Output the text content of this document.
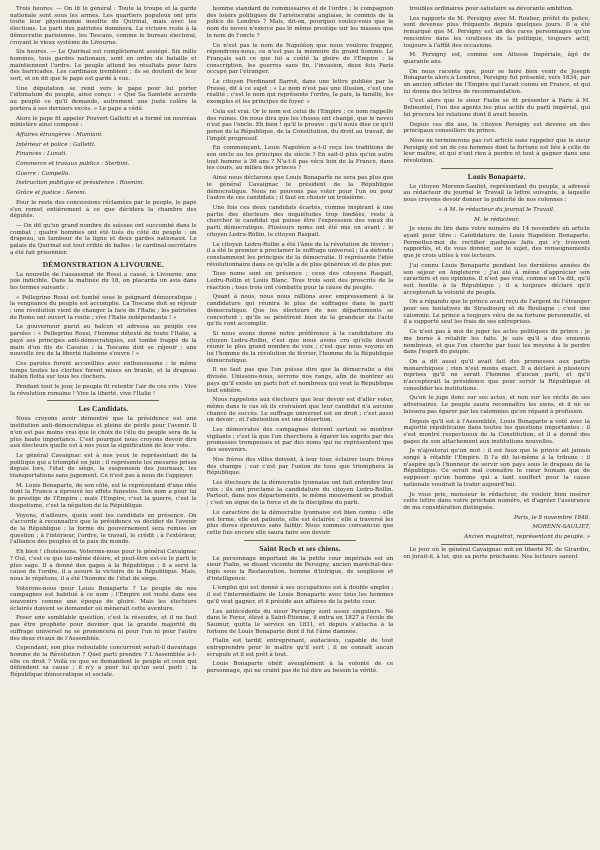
Trois heures. — On lit le général : Toute la troupe et la garde nationale sont sous les armes. Les quartiers populeux ont pris toute leur physionomie insolite du Quirinal, mais avec les élections. Le parti des patriotes dominera. La victoire reste à la démocratie parisienne, les Toscans, comme le bureau électoral, croyant le vieux système de Livourne.

Six heures. — Le Quirinal est complètement assiégé. Six mille hommes, tous gardes nationaux, sont en ordre de bataille et maintiennent l'ordre. Le peuple attend les résultats pour faire des barricades. Les cardinaux tremblent ; ils se doutent de leur sort, et on dit que le pape est gardé à vue.

Une députation se rend vers le pape pour lui porter l'ultimatum du peuple, ainsi conçu : « Que Sa Sainteté accorde au peuple ce qu'il demande, autrement une juste colère le portera à ses derniers excès. » Le pape a cédé.

Alors le pape fit appeler Pouvert Galletti et a formé un nouveau ministère ainsi composé :

Affaires étrangères : Mamiani.

Intérieur et police : Galletti.

Finances : Lunati.

Commerce et travaux publics : Sterbini.

Guerre : Campello.

Instruction publique et présidence : Rosmini.

Grâce et justice : Sereni.

Pour le reste des concessions réclamées par le peuple, le pape s'en remet entièrement à ce que décidera la chambre des députés.

— On dit qu'un grand nombre de suisses ont succombé dans le combat ; quatre hommes ont été tués du côté du peuple : un drapeau, un tambour de la ligne et deux gardes nationaux. Le palais du Quirinal est tout criblé de balles ; le cardinal-secrétaire a été fait prisonnier.

DÉMONSTRATION A LIVOURNE.

La nouvelle de l'assassinat de Rossi a causé, à Livourne, une joie indicible. Dans la matinée du 18, on placarda un avis dans les termes suivants :

« Pellegrino Rossi est tombé sous le poignard démocratique ; la vengeance du peuple est accomplie. La Toscane doit se réjouir ; une révolution vient de changer la face de l'Italie ; les patriotes de Rome ont ouvert la route ; vive l'Italie indépendante ! »

Le gouverneur parut au balcon et adressa au peuple ces paroles : « Pellegrino Rossi, l'homme détesté de toute l'Italie, a payé ses principes anti-démocratiques, est tombé frappé de la main d'un fils de Cassius ; la Toscane doit se réjouir ; une nouvelle ère de la liberté italienne s'ouvre ! »

Ces paroles furent accueillies avec enthousiasme ; le même temps toutes les cloches furent mises en branle, et la drapeau italien flotta sur tous les clochers.

Pendant tout le jour, le peuple fit retentir l'air de ces cris : Vive la révolution romaine ! Vive la liberté, vive l'Italie !

Les Candidats.

Nous croyons avoir démontré que la présidence est une institution anti-démocratique et pleine de périls pour l'avenir. Il n'en est pas moins vrai que le choix de l'élu du peuple sera de la plus haute importance. C'est pourquoi nous croyons devoir dire aux électeurs quelle est à nos yeux la signification de leur vote.

Le général Cavaignac est à nos yeux le représentant de la politique qui a triomphé en juin ; il représente les mesures prises depuis lors, l'état de siège, la suspension des journaux, les transportations sans jugement. Ce n'est pas à nous de l'appuyer.

M. Louis Bonaparte, de son côté, est le représentant d'une idée dont la France a éprouvé les effets funestes. Son nom a pour lui le prestige de l'Empire ; mais l'Empire, c'est la guerre, c'est le despotisme, c'est la négation de la République.

Voyons, d'ailleurs, quels sont les candidats en présence. On s'accorde à reconnaître que la présidence va décider de l'avenir de la République ; la forme du gouvernement sera remise en question ; à l'intérieur, l'ordre, le travail, le crédit ; à l'extérieur, l'alliance des peuples et la paix du monde.

Eh bien ! choisissons. Voterons-nous pour le général Cavaignac ? Oui, c'est ce que lui-même désire, et peut-être est-ce le parti le plus sage. Il a donné des gages à la République ; il a servi la cause de l'ordre, il a assuré la victoire de la République. Mais, nous le répétons, il a été l'homme de l'état de siège.

Voterons-nous pour Louis Bonaparte ? Le peuple de nos campagnes est habitué à ce nom ; l'Empire est resté dans ses souvenirs comme une époque de gloire. Mais les électeurs éclairés doivent se demander où mènerait cette aventure.

Poser une semblable question, c'est la résoudre, et il ne faut pas être prophète pour deviner que la grande majorité du suffrage universel ne se prononcera ni pour l'un ni pour l'autre des deux rivaux de l'Assemblée.

Cependant, son plus redoutable concurrent serait-il davantage homme de la Révolution ? Quel parti prendre ? L'Assemblée a-t-elle ce droit ? Voilà ce que se demandent le peuple et ceux qui défendent sa cause ; il n'y a pour lui qu'un seul parti : la République démocratique et sociale.

homme standard de commissaires et de l'ordre ; le compagnon des loisirs politiques de l'aristocratie anglaise, le commis de la police de Londres ? Mais, dit-on, pourquoi voulez-vous que le nom du neveu n'exerce pas le même prestige sur les masses que le nom de l'oncle ?

Ce n'est pas le nom de Napoléon que nous voulons frapper, répondrons-nous, ce n'est pas la mémoire du grand homme. Le Français sait ce que lui a coûté la gloire de l'Empire : la conscription, les guerres sans fin, l'invasion, deux fois Paris occupé par l'étranger.

Le citoyen Ferdinand Barrot, dans une lettre publiée par la Presse, dit à ce sujet : « Le nom n'est pas une illusion, c'est une réalité ; c'est le nom qui représente l'ordre, la paix, la famille, les exemples et les principes de foyer. »

Cela est vrai. Or le nom est celui de l'Empire ; ce nom rappelle des ruines. On nous dira que les choses ont changé, que le neveu n'est pas l'oncle. Eh bien ! qu'il le prouve : qu'il nous dise ce qu'il pense de la République, de la Constitution, du droit au travail, de l'impôt progressif.

En commençant, Louis Napoléon a-t-il reçu les traditions de son oncle ou les principes du siècle ? En sait-il plus qu'un autre tout homme à 36 ans ? N'a-t-il pas vécu loin de la France, dans les cours, au milieu des princes ?

Ainsi nous déclarons que Louis Bonaparte ne sera pas plus que le général Cavaignac le président de la République démocratique. Nous ne pouvons pas voter pour l'un ou pour l'autre de ces candidats ; il faut en choisir un troisième.

Une fois ces deux candidats écartés, comme inspirant à une partie des électeurs des inquiétudes trop fondées, reste à chercher le candidat qui puisse être l'expression des vœux du parti démocratique. Plusieurs noms ont été mis en avant ; le citoyen Ledru-Rollin, le citoyen Raspail.

Le citoyen Ledru-Rollin a été l'âme de la révolution de février ; il a été le premier à proclamer le suffrage universel ; il a défendu constamment les principes de la démocratie. Il représente l'idée révolutionnaire dans ce qu'elle a de plus généreux et de plus pur.

Tous noms sont en présence ; ceux des citoyens Raspail, Ledru-Rollin et Louis Blanc. Tous trois sont des proscrits de la réaction ; tous trois ont combattu pour la cause du peuple.

Quant à nous, nous nous rallions avec empressement à la candidature qui réunira le plus de suffrages dans le parti démocratique. Que les électeurs de nos départements se concertent ; qu'ils se pénètrent bien de la grandeur de l'acte qu'ils vont accomplir.

Si nous avons donné notre préférence à la candidature du citoyen Ledru-Rollin, c'est que nous avons cru qu'elle devait réunir le plus grand nombre de voix ; c'est que nous voyons en lui l'homme de la révolution de février, l'homme de la République démocratique.

Il ne faut pas que l'on puisse dire que la démocratie a été divisée. Unissons-nous, serrons nos rangs, afin de montrer au pays qu'il existe un parti fort et nombreux qui veut la République tout entière.

Nous rappelons aux électeurs que leur devoir est d'aller voter, même dans le cas où ils croiraient que leur candidat n'a aucune chance de succès. Le suffrage universel est un droit ; c'est aussi un devoir ; et l'abstention est une désertion.

Les démocrates des campagnes doivent surtout se montrer vigilants ; c'est là que l'on cherchera à égarer les esprits par des promesses trompeuses et par des noms qui ne représentent que des souvenirs.

Nos frères des villes doivent, à leur tour, éclairer leurs frères des champs ; car c'est par l'union de tous que triomphera la République.

Les électeurs de la démocratie lyonnaise ont fait entendre leur voix ; ils ont proclamé la candidature du citoyen Ledru-Rollin. Partout, dans nos départements, le même mouvement se produit ; c'est un signe de la force et de la discipline du parti.

Le caractère de la démocratie lyonnaise est bien connu : elle est ferme, elle est patiente, elle est éclairée ; elle a traversé les plus dures épreuves sans faiblir. Nous sommes convaincus que cette fois encore elle saura faire son devoir.

Saint Roch et ses chiens.

Le personnage important de la petite cour impériale est un sieur Fialin, se disant vicomte de Persigny, ancien maréchal-des-logis sous la Restauration, homme d'intrigue, de souplesse et d'intelligence.

L'emploi qui est donné à ses occupations est à double emploi : il est l'intermédiaire de Louis Bonaparte avec tous les hommes qu'il veut gagner, et il préside aux affaires de la petite cour.

Les antécédents du sieur Persigny sont assez singuliers. Né dans le Forez, élevé à Saint-Étienne, il entra en 1827 à l'école de Saumur, quitta le service en 1831, et depuis s'attacha à la fortune de Louis Bonaparte dont il fut l'âme damnée.

Fialin est tardif, entreprenant, audacieux, capable de tout entreprendre pour le maître qu'il sert ; il ne connaît aucun scrupule et il est prêt à tout.

Louis Bonaparte obéit aveuglément à la volonté de ce personnage, qui ne craint pas de lui dire au besoin la vérité.

troubles ordinaires pour satisfaire sa dévorante ambition.

Les rapports de M. Persigny avec M. Rouher, préfet de police, sont devenus plus fréquents depuis quelques jours. Il a été remarqué que M. Persigny est un des rares personnages qu'on rencontre dans les coulisses de la politique, toujours actif, toujours à l'affût des occasions.

M. Persigny est, comme son Altesse Impériale, âgé de quarante ans.

On nous raconte que, pour se faire bien venir de Joseph Bonaparte alors à Londres, Persigny fut présenté, vers 1834, par un ancien officier de l'Empire qui l'avait connu en France, et qui lui donna des lettres de recommandation.

C'est alors que le sieur Fialin se fit présenter à Paris à M. Belmontel, l'un des agents les plus actifs du parti impérial, qui lui procura les relations dont il avait besoin.

Depuis ces dix ans, le citoyen Persigny est devenu un des principaux conseillers du prince.

Nous ne terminerons pas cet article sans rappeler que le sieur Persigny est un de ces hommes dont la fortune est liée à celle de leur maître, et qui n'ont rien à perdre et tout à gagner dans une révolution.

Louis Bonaparte.

Le citoyen Morenn-Sauliet, représentant du peuple, a adressé au rédacteur du journal le Travail la lettre suivante, à laquelle nous croyons devoir donner la publicité de nos colonnes :

« A M. le rédacteur du journal le Travail.

M. le rédacteur,

Je viens de lire dans votre numéro du 14 novembre un article ayant pour titre : Candidature de Louis Napoléon Bonaparte. Permettez-moi de rectifier quelques faits qui s'y trouvent rapportés, et de vous donner, sur le sujet, des renseignements que je crois utiles à vos lecteurs.

J'ai connu Louis Bonaparte pendant les dernières années de son séjour en Angleterre ; j'ai été à même d'apprécier son caractère et ses opinions. Il n'est pas vrai, comme on l'a dit, qu'il soit hostile à la République ; il a toujours déclaré qu'il accepterait la volonté du peuple.

On a répandu que le prince avait reçu de l'argent de l'étranger pour ses tentatives de Strasbourg et de Boulogne ; c'est une calomnie. Le prince a toujours vécu de sa fortune personnelle, et il a supporté seul les frais de ses entreprises.

Ce n'est pas à moi de juger les actes politiques du prince ; je me borne à rétablir les faits. Je sais qu'il a des ennemis nombreux, et que l'on cherche par tous les moyens à le perdre dans l'esprit du peuple.

On a dit aussi qu'il avait fait des promesses aux partis monarchiques ; rien n'est moins exact. Il a déclaré à plusieurs reprises qu'il ne serait l'homme d'aucun parti, et qu'il n'accepterait la présidence que pour servir la République et consolider les institutions.

Qu'on le juge donc sur ses actes, et non sur les récits de ses adversaires. Le peuple saura reconnaître les siens, et il ne se laissera pas égarer par les calomnies qu'on répand à profusion.

Depuis qu'il est à l'Assemblée, Louis Bonaparte a voté avec la majorité républicaine dans toutes les questions importantes ; il s'est montré respectueux de la Constitution, et il a donné des gages de son attachement aux institutions nouvelles.

Je n'ajouterai qu'un mot : il est faux que le prince ait jamais songé à rétablir l'Empire. Il l'a dit lui-même à la tribune : il n'aspire qu'à l'honneur de servir son pays sous le drapeau de la République. Ce serait mal connaître le cœur humain que de supposer qu'un homme qui a tant souffert pour la cause nationale voudrait la trahir aujourd'hui.

Je vous prie, monsieur le rédacteur, de vouloir bien insérer cette lettre dans votre prochain numéro, et d'agréer l'assurance de ma considération distinguée.

Paris, le 8 novembre 1848.

MORENN-SAULIET,

Ancien magistrat, représentant du peuple. »

Le jour où le général Cavaignac mit en liberté M. de Girardin, on jurait-il, à lui, que sa perte prochaine. Nos lecteurs savent
